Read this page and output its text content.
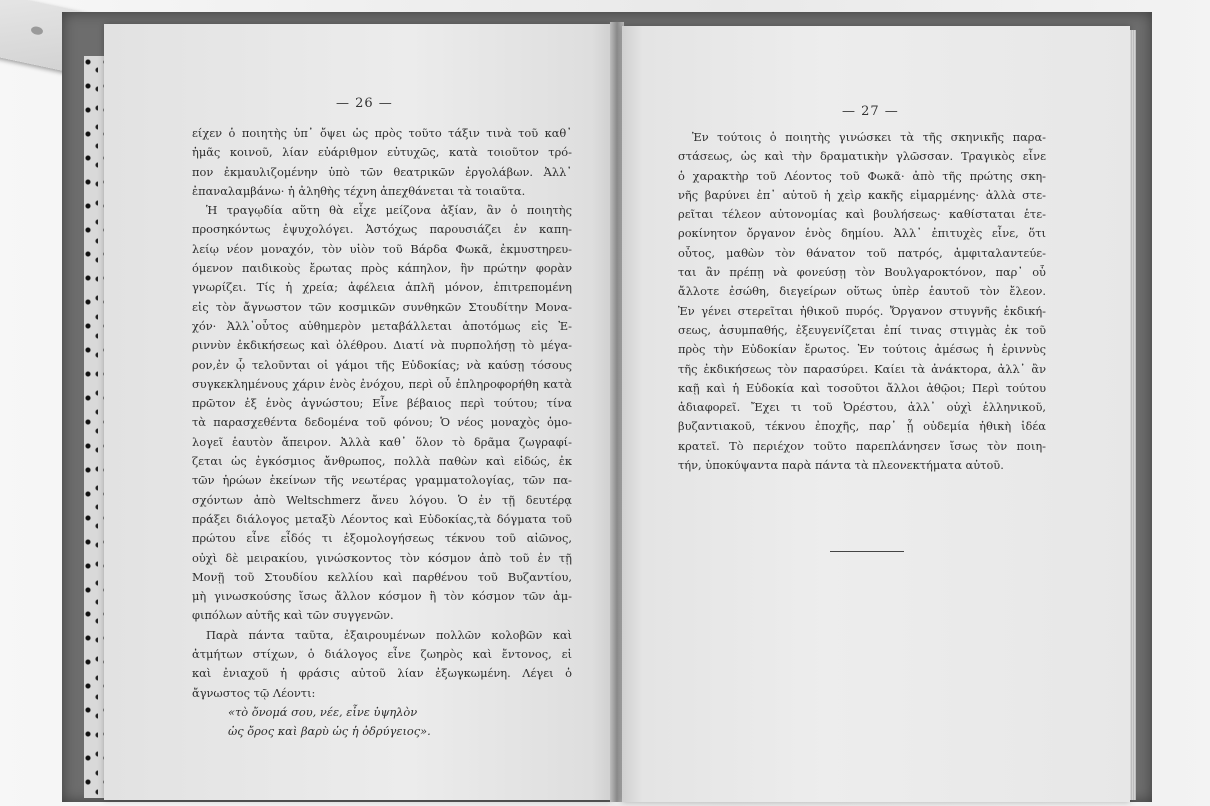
— 26 —
είχεν ὁ ποιητὴς ὑπ᾿ ὄψει ὡς πρὸς τοῦτο τάξιν τινὰ τοῦ καθ᾿
ἡμᾶς κοινοῦ, λίαν εὐάριθμον εὐτυχῶς, κατὰ τοιοῦτον τρό-
πον ἐκμαυλιζομένην ὑπὸ τῶν θεατρικῶν ἐργολάβων. Ἀλλ᾿
ἐπαναλαμβάνω· ἡ ἀληθὴς τέχνη ἀπεχθάνεται τὰ τοιαῦτα.
Ἡ τραγῳδία αὕτη θὰ εἶχε μείζονα ἀξίαν, ἂν ὁ ποιητὴς
προσηκόντως ἐψυχολόγει. Ἀστόχως παρουσιάζει ἐν καπη-
λείῳ νέον μοναχόν, τὸν υἱὸν τοῦ Βάρδα Φωκᾶ, ἐκμυστηρευ-
όμενον παιδικοὺς ἔρωτας πρὸς κάπηλον, ἣν πρώτην φορὰν
γνωρίζει. Τίς ἡ χρεία; ἀφέλεια ἁπλῆ μόνον, ἐπιτρεπομένη
εἰς τὸν ἄγνωστον τῶν κοσμικῶν συνθηκῶν Στουδίτην Μονα-
χόν· Ἀλλ᾿οὗτος αὐθημερὸν μεταβάλλεται ἀποτόμως εἰς Ἐ-
ριννὺν ἐκδικήσεως καὶ ὀλέθρου. Διατί νὰ πυρπολήσῃ τὸ μέγα-
ρον,ἐν ᾧ τελοῦνται οἱ γάμοι τῆς Εὐδοκίας; νὰ καύσῃ τόσους
συγκεκλημένους χάριν ἑνὸς ἐνόχου, περὶ οὗ ἐπληροφορήθη κατὰ
πρῶτον ἐξ ἑνὸς ἀγνώστου; Εἶνε βέβαιος περὶ τούτου; τίνα
τὰ παρασχεθέντα δεδομένα τοῦ φόνου; Ὁ νέος μοναχὸς ὁμο-
λογεῖ ἑαυτὸν ἄπειρον. Ἀλλὰ καθ᾿ ὅλον τὸ δρᾶμα ζωγραφί-
ζεται ὡς ἐγκόσμιος ἄνθρωπος, πολλὰ παθὼν καὶ εἰδώς, ἐκ
τῶν ἡρώων ἐκείνων τῆς νεωτέρας γραμματολογίας, τῶν πα-
σχόντων ἀπὸ Weltschmerz ἄνευ λόγου. Ὁ ἐν τῇ δευτέρᾳ
πράξει διάλογος μεταξὺ Λέοντος καὶ Εὐδοκίας,τὰ δόγματα τοῦ
πρώτου εἶνε εἶδός τι ἐξομολογήσεως τέκνου τοῦ αἰῶνος,
οὐχὶ δὲ μειρακίου, γινώσκοντος τὸν κόσμον ἀπὸ τοῦ ἐν τῇ
Μονῇ τοῦ Στουδίου κελλίου καὶ παρθένου τοῦ Βυζαντίου,
μὴ γινωσκούσης ἴσως ἄλλον κόσμον ἢ τὸν κόσμον τῶν ἀμ-
φιπόλων αὐτῆς καὶ τῶν συγγενῶν.
Παρὰ πάντα ταῦτα, ἐξαιρουμένων πολλῶν κολοβῶν καὶ
ἀτμήτων στίχων, ὁ διάλογος εἶνε ζωηρὸς καὶ ἔντονος, εἰ
καὶ ἐνιαχοῦ ἡ φράσις αὐτοῦ λίαν ἐξωγκωμένη. Λέγει ὁ
ἄγνωστος τῷ Λέοντι:
«τὸ ὄνομά σου, νέε, εἶνε ὑψηλὸν
ὡς ὄρος καὶ βαρὺ ὡς ἡ ὀδρύγειος».
— 27 —
Ἐν τούτοις ὁ ποιητὴς γινώσκει τὰ τῆς σκηνικῆς παρα-
στάσεως, ὡς καὶ τὴν δραματικὴν γλῶσσαν. Τραγικὸς εἶνε
ὁ χαρακτὴρ τοῦ Λέοντος τοῦ Φωκᾶ· ἀπὸ τῆς πρώτης σκη-
νῆς βαρύνει ἐπ᾿ αὐτοῦ ἡ χεὶρ κακῆς εἱμαρμένης· ἀλλὰ στε-
ρεῖται τέλεον αὐτονομίας καὶ βουλήσεως· καθίσταται ἑτε-
ροκίνητον ὄργανον ἑνὸς δημίου. Ἀλλ᾿ ἐπιτυχὲς εἶνε, ὅτι
οὗτος, μαθὼν τὸν θάνατον τοῦ πατρός, ἀμφιταλαντεύε-
ται ἂν πρέπῃ νὰ φονεύσῃ τὸν Βουλγαροκτόνον, παρ᾿ οὗ
ἄλλοτε ἐσώθη, διεγείρων οὕτως ὑπὲρ ἑαυτοῦ τὸν ἔλεον.
Ἐν γένει στερεῖται ἠθικοῦ πυρός. Ὄργανον στυγνῆς ἐκδική-
σεως, ἀσυμπαθής, ἐξευγενίζεται ἐπί τινας στιγμὰς ἐκ τοῦ
πρὸς τὴν Εὐδοκίαν ἔρωτος. Ἐν τούτοις ἀμέσως ἡ ἐριννὺς
τῆς ἐκδικήσεως τὸν παρασύρει. Καίει τὰ ἀνάκτορα, ἀλλ᾿ ἂν
καῇ καὶ ἡ Εὐδοκία καὶ τοσοῦτοι ἄλλοι ἀθῷοι; Περὶ τούτου
ἀδιαφορεῖ. Ἔχει τι τοῦ Ὀρέστου, ἀλλ᾿ οὐχὶ ἑλληνικοῦ,
βυζαντιακοῦ, τέκνου ἐποχῆς, παρ᾿ ᾗ οὐδεμία ἠθικὴ ἰδέα
κρατεῖ. Τὸ περιέχον τοῦτο παρεπλάνησεν ἴσως τὸν ποιη-
τήν, ὑποκύψαντα παρὰ πάντα τὰ πλεονεκτήματα αὐτοῦ.
